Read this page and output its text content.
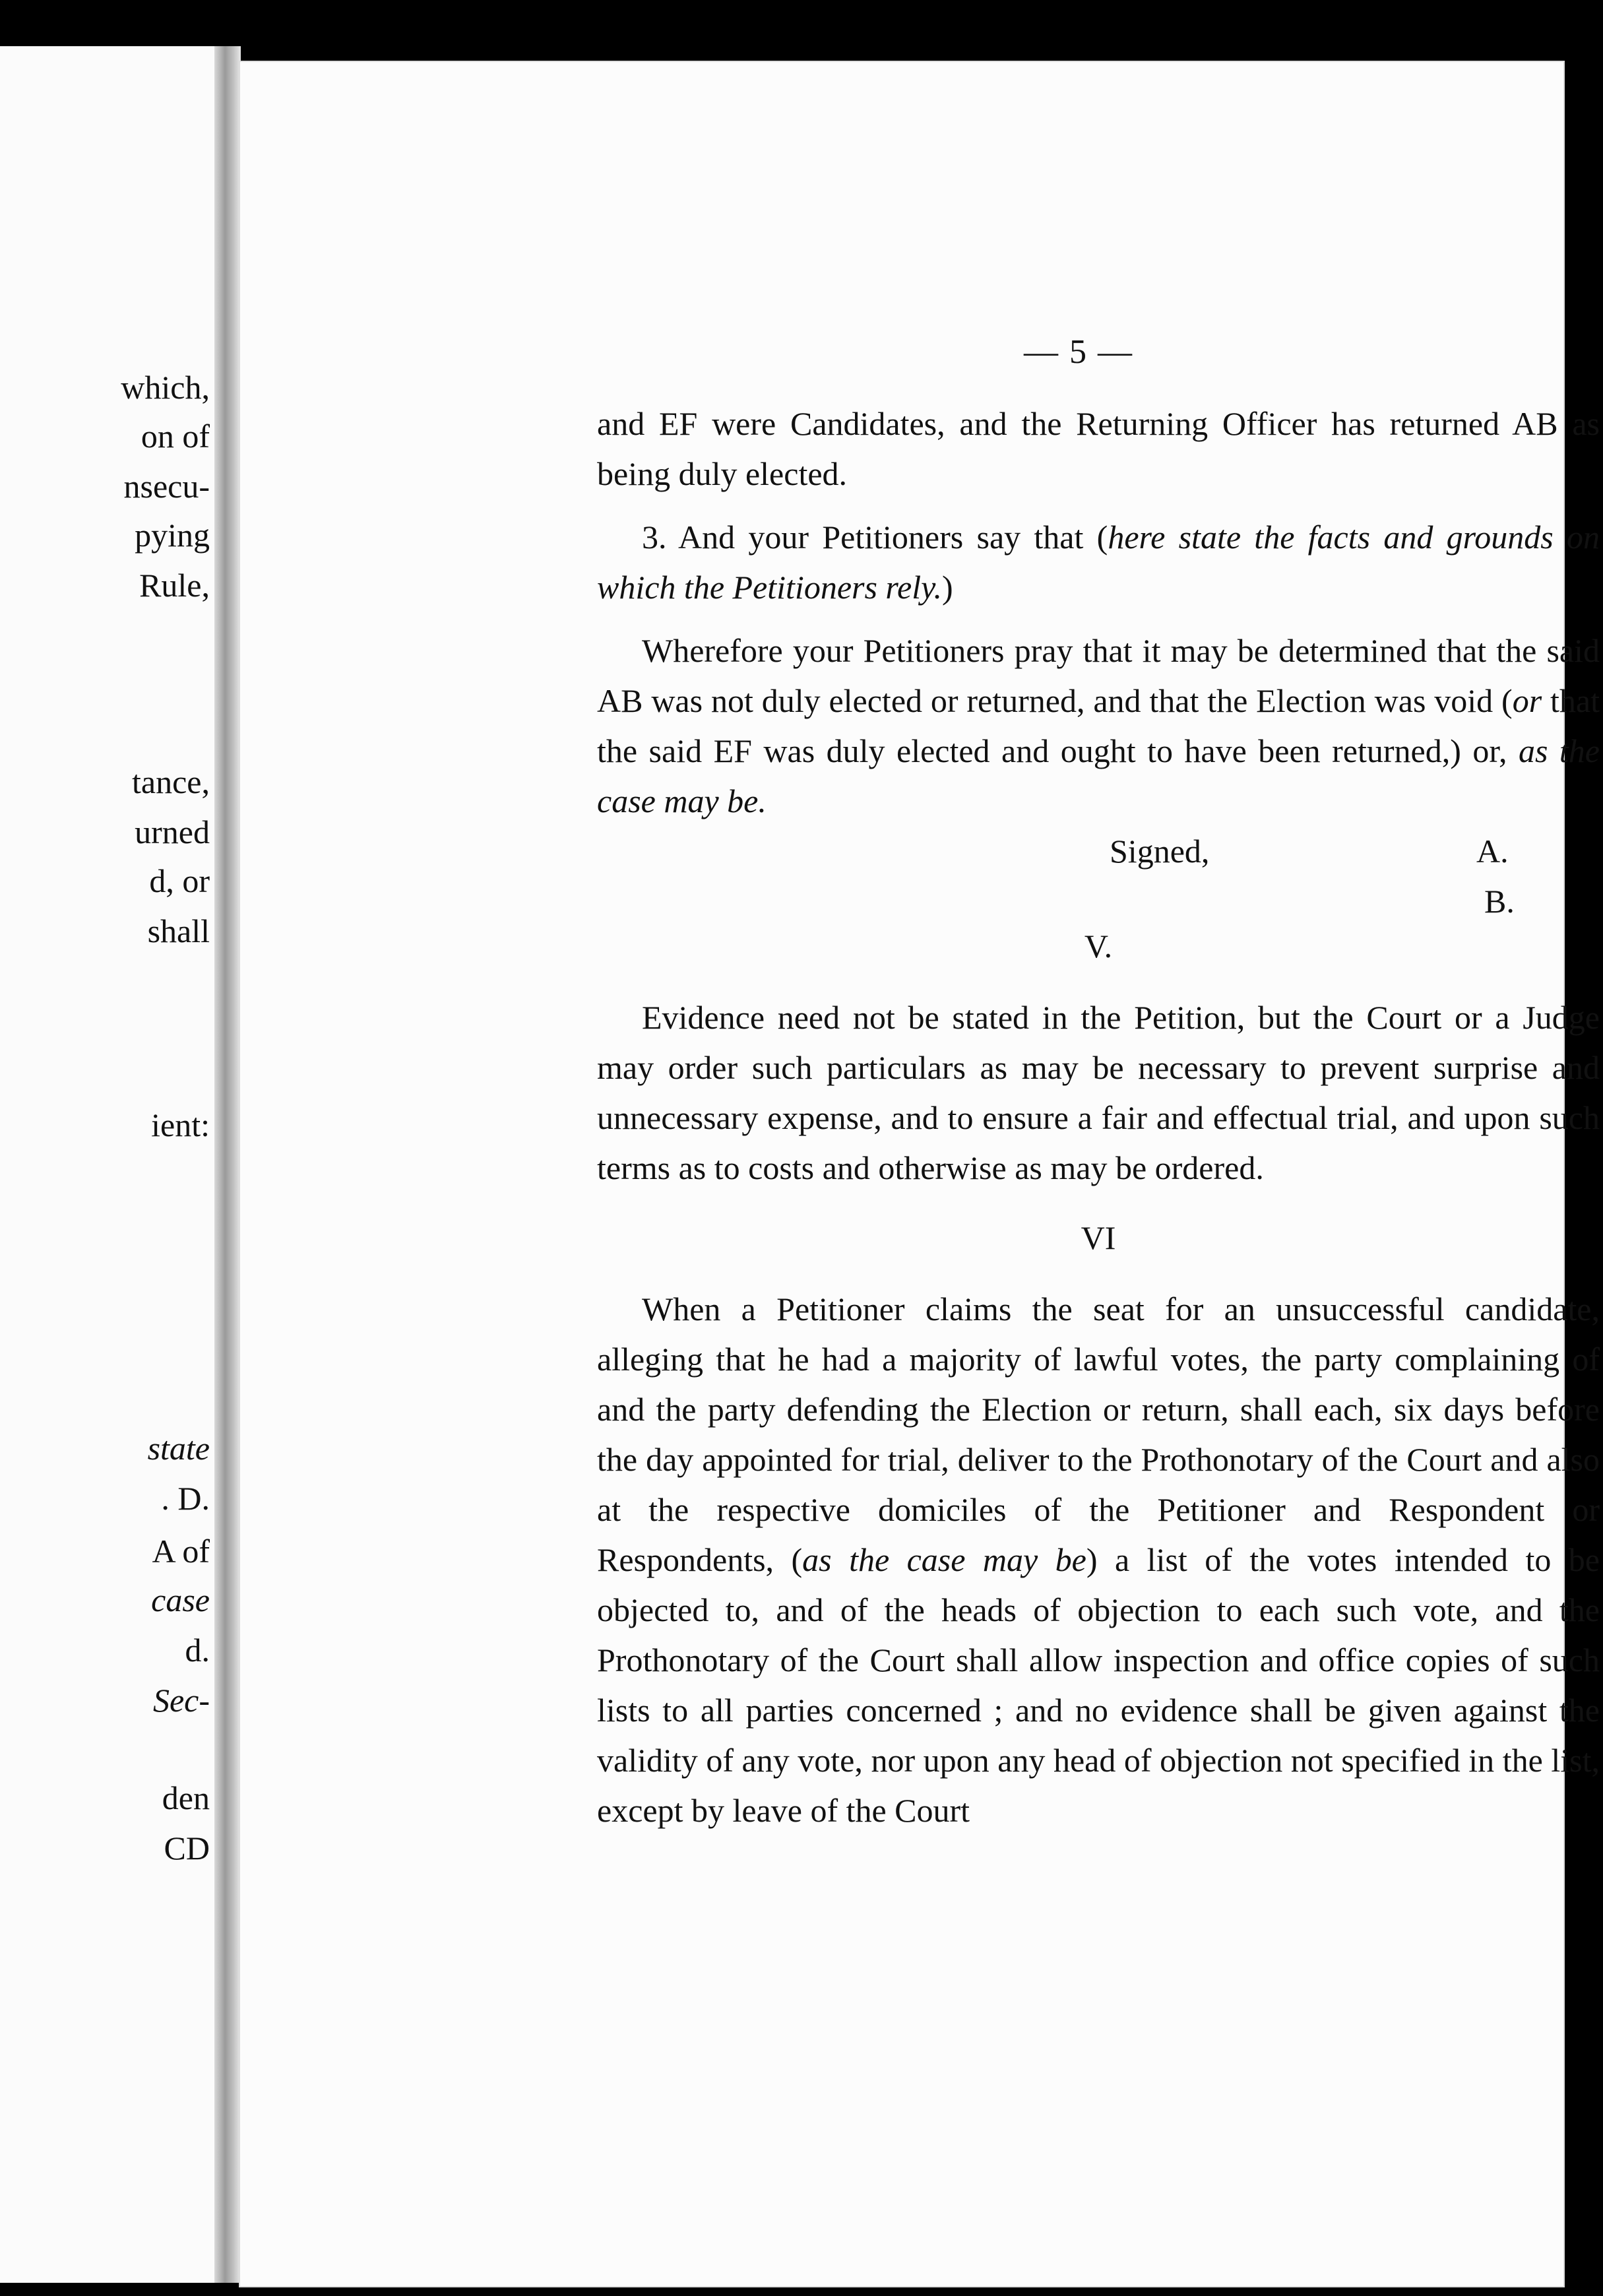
which,
on of
nsecu-
pying
Rule,
tance,
urned
d, or
shall
ient:
state
. D.
A of
case
d.
Sec-
den
CD
— 5 —

and EF were Candidates, and the Returning Officer has returned AB as being duly elected.

3. And your Petitioners say that (here state the facts and grounds on which the Petitioners rely.)

Wherefore your Petitioners pray that it may be determined that the said AB was not duly elected or returned, and that the Election was void (or that the said EF was duly elected and ought to have been returned,) or, as the case may be.

Signed,	A.
B.

V.

Evidence need not be stated in the Petition, but the Court or a Judge may order such particulars as may be necessary to prevent surprise and unnecessary expense, and to ensure a fair and effectual trial, and upon such terms as to costs and otherwise as may be ordered.

VI

When a Petitioner claims the seat for an unsuccessful candidate, alleging that he had a majority of lawful votes, the party complaining of and the party defending the Election or return, shall each, six days before the day appointed for trial, deliver to the Prothonotary of the Court and also at the respective domiciles of the Petitioner and Respondent or Respondents, (as the case may be) a list of the votes intended to be objected to, and of the heads of objection to each such vote, and the Prothonotary of the Court shall allow inspection and office copies of such lists to all parties concerned ; and no evidence shall be given against the validity of any vote, nor upon any head of objection not specified in the list, except by leave of the Court
